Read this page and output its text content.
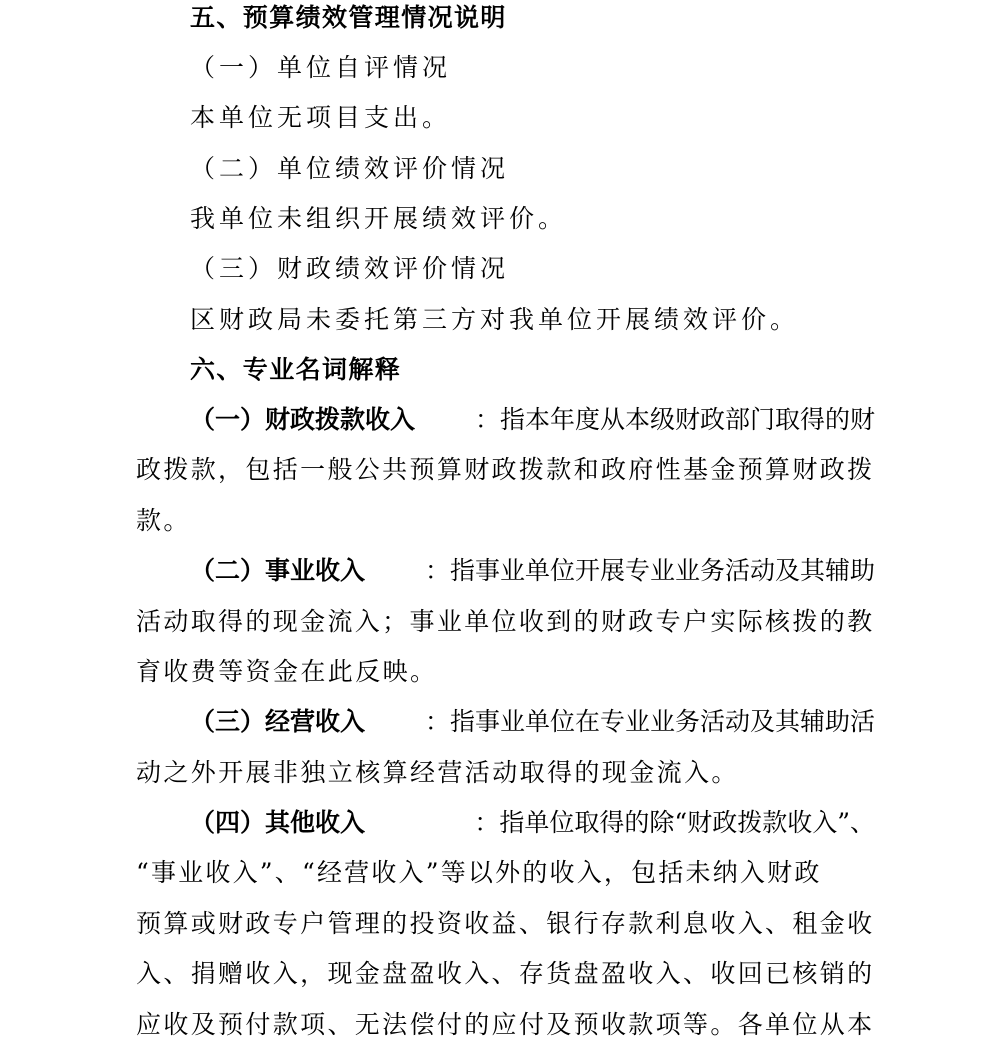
五、预算绩效管理情况说明
（一）单位自评情况
本单位无项目支出。
（二）单位绩效评价情况
我单位未组织开展绩效评价。
（三）财政绩效评价情况
区财政局未委托第三方对我单位开展绩效评价。
六、专业名词解释
（一）财政拨款收入 ：指本年度从本级财政部门取得的财
政拨款，包括一般公共预算财政拨款和政府性基金预算财政拨
款。
（二）事业收入 ：指事业单位开展专业业务活动及其辅助
活动取得的现金流入；事业单位收到的财政专户实际核拨的教
育收费等资金在此反映。
（三）经营收入 ：指事业单位在专业业务活动及其辅助活
动之外开展非独立核算经营活动取得的现金流入。
（四）其他收入	：指单位取得的除“财政拨款收入”、
“事业收入”、“经营收入”等以外的收入，包括未纳入财政
预算或财政专户管理的投资收益、银行存款利息收入、租金收
入、捐赠收入，现金盘盈收入、存货盘盈收入、收回已核销的
应收及预付款项、无法偿付的应付及预收款项等。各单位从本
